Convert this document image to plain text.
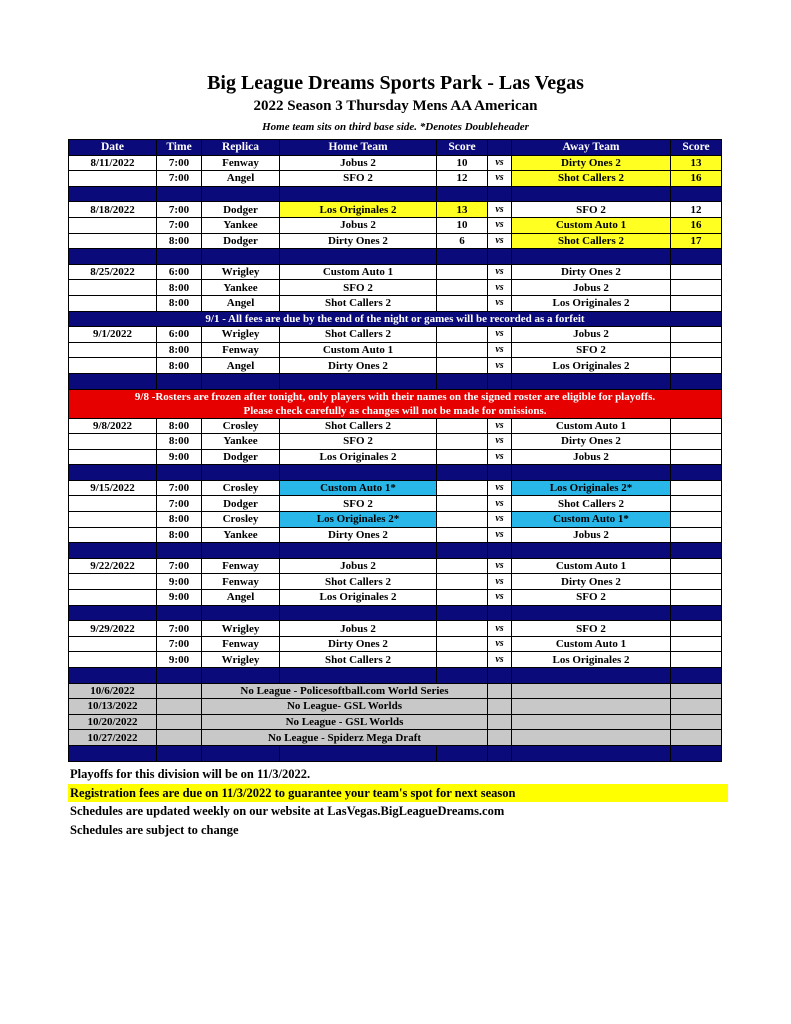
Big League Dreams Sports Park - Las Vegas
2022 Season 3 Thursday Mens AA American
Home team sits on third base side. *Denotes Doubleheader
Date	Time	Replica	Home Team	Score		Away Team	Score
8/11/2022	7:00	Fenway	Jobus 2	10	vs	Dirty Ones 2	13
	7:00	Angel	SFO 2	12	vs	Shot Callers 2	16

8/18/2022	7:00	Dodger	Los Originales 2	13	vs	SFO 2	12
	7:00	Yankee	Jobus 2	10	vs	Custom Auto 1	16
	8:00	Dodger	Dirty Ones 2	6	vs	Shot Callers 2	17

8/25/2022	6:00	Wrigley	Custom Auto 1		vs	Dirty Ones 2	
	8:00	Yankee	SFO 2		vs	Jobus 2	
	8:00	Angel	Shot Callers 2		vs	Los Originales 2	
9/1 - All fees are due by the end of the night or games will be recorded as a forfeit							
9/1/2022	6:00	Wrigley	Shot Callers 2		vs	Jobus 2	
	8:00	Fenway	Custom Auto 1		vs	SFO 2	
	8:00	Angel	Dirty Ones 2		vs	Los Originales 2	

9/8 -Rosters are frozen after tonight, only players with their names on the signed roster are eligible for playoffs.
Please check carefully as changes will not be made for omissions.							

9/8/2022	8:00	Crosley	Shot Callers 2		vs	Custom Auto 1	
	8:00	Yankee	SFO 2		vs	Dirty Ones 2	
	9:00	Dodger	Los Originales 2		vs	Jobus 2	

9/15/2022	7:00	Crosley	Custom Auto 1*		vs	Los Originales 2*	
	7:00	Dodger	SFO 2		vs	Shot Callers 2	
	8:00	Crosley	Los Originales 2*		vs	Custom Auto 1*	
	8:00	Yankee	Dirty Ones 2		vs	Jobus 2	

9/22/2022	7:00	Fenway	Jobus 2		vs	Custom Auto 1	
	9:00	Fenway	Shot Callers 2		vs	Dirty Ones 2	
	9:00	Angel	Los Originales 2		vs	SFO 2	

9/29/2022	7:00	Wrigley	Jobus 2		vs	SFO 2	
	7:00	Fenway	Dirty Ones 2		vs	Custom Auto 1	
	9:00	Wrigley	Shot Callers 2		vs	Los Originales 2	

10/6/2022		No League - Policesoftball.com World Series					
10/13/2022		No League- GSL Worlds					
10/20/2022		No League - GSL Worlds					
10/27/2022		No League - Spiderz Mega Draft					

Playoffs for this division will be on 11/3/2022.
Registration fees are due on 11/3/2022 to guarantee your team's spot for next season
Schedules are updated weekly on our website at LasVegas.BigLeagueDreams.com
Schedules are subject to change
